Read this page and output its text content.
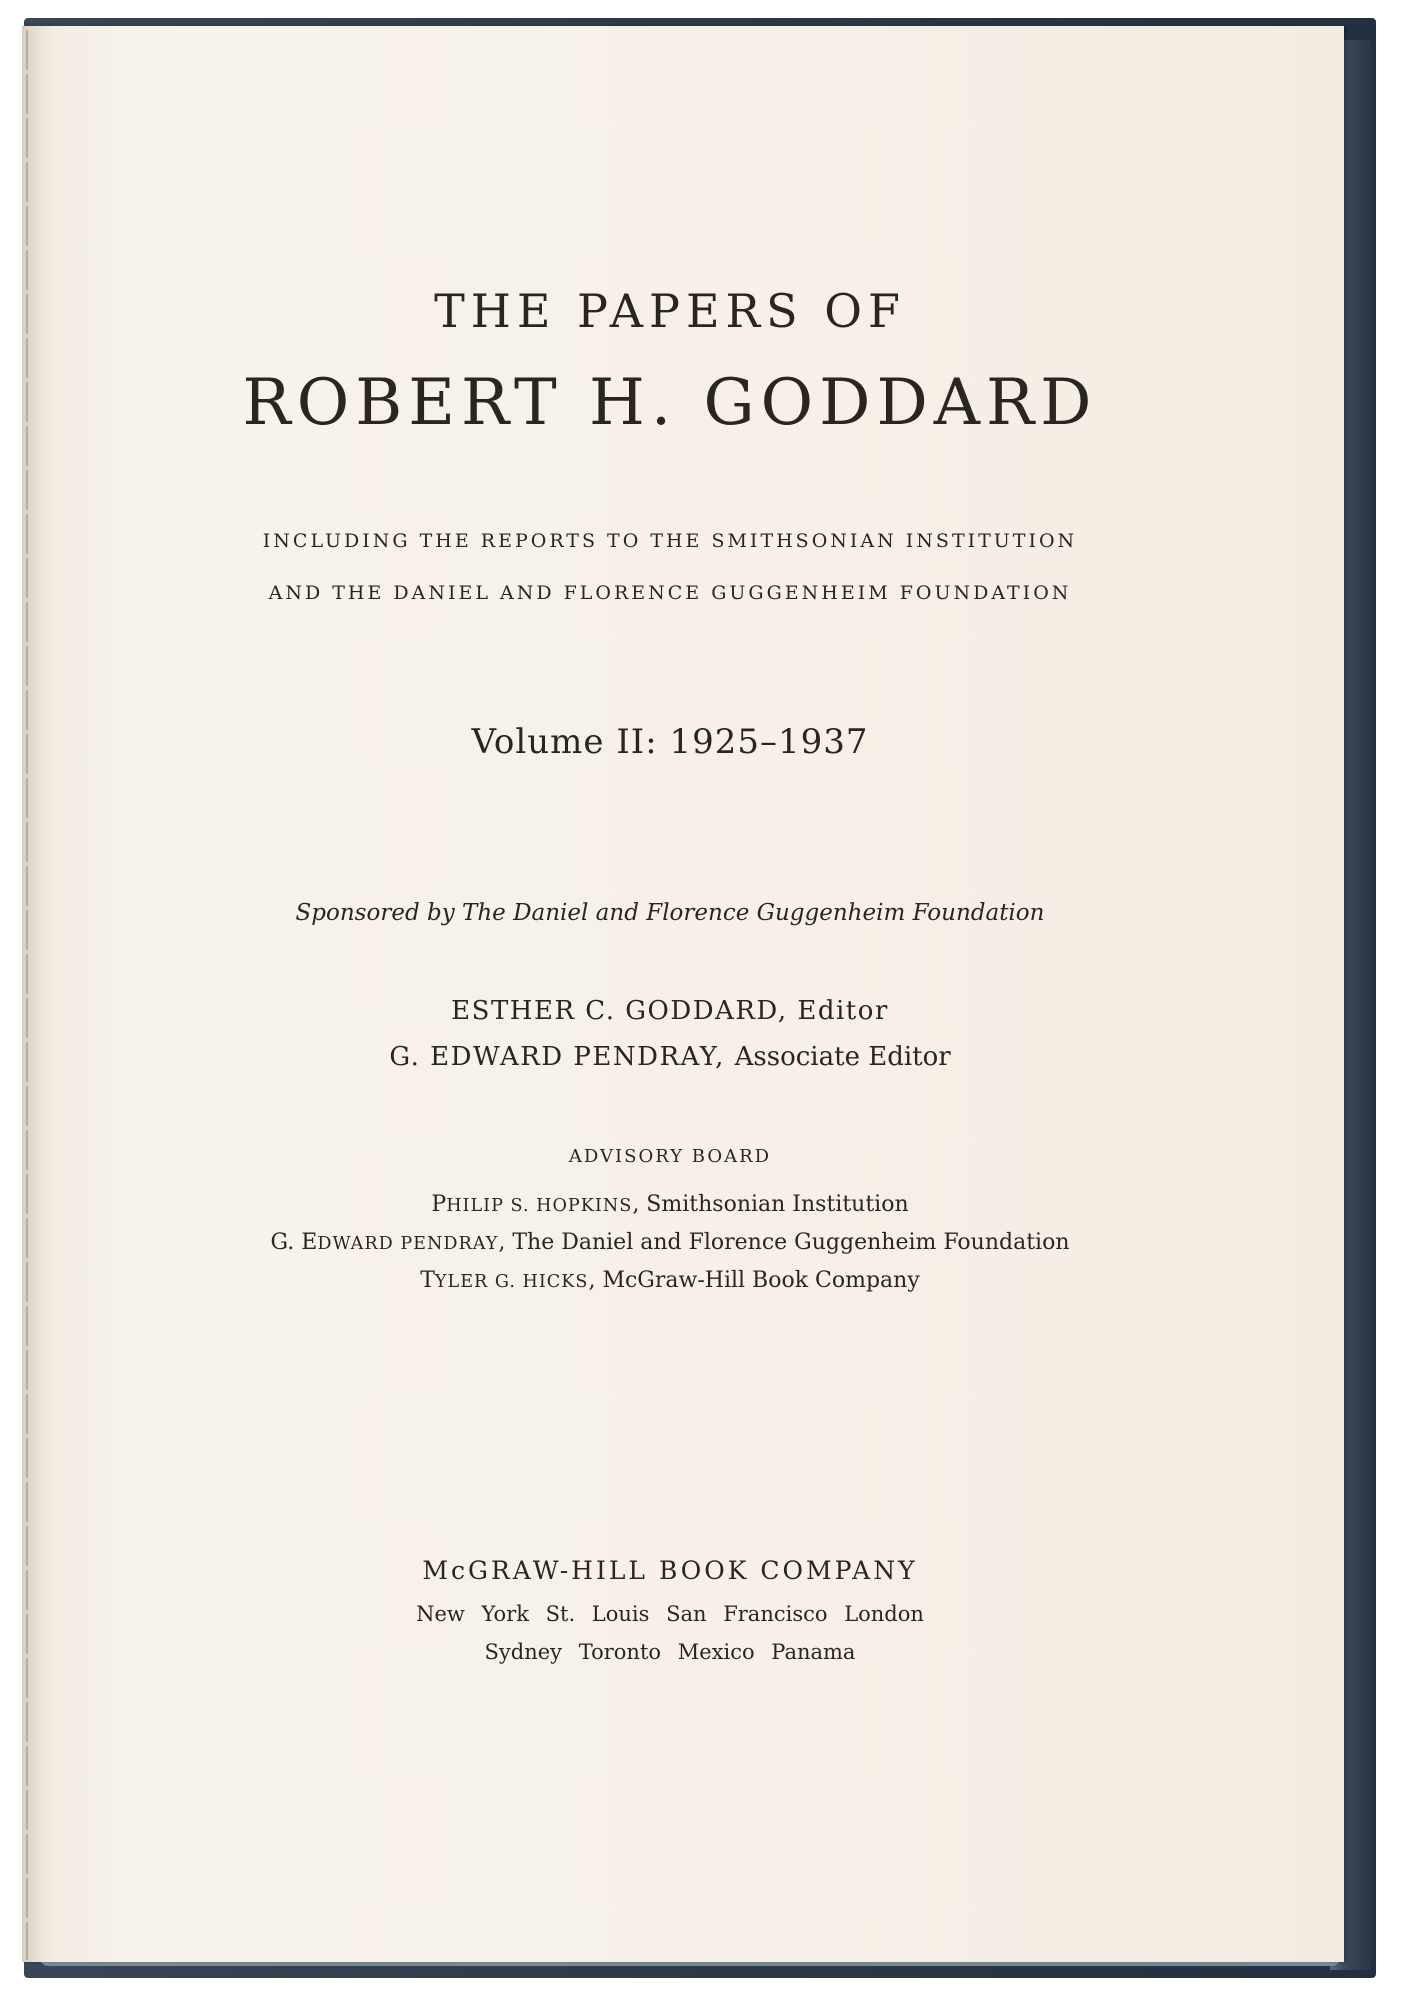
THE PAPERS OF
ROBERT H. GODDARD
INCLUDING THE REPORTS TO THE SMITHSONIAN INSTITUTION
AND THE DANIEL AND FLORENCE GUGGENHEIM FOUNDATION
Volume II: 1925–1937
Sponsored by The Daniel and Florence Guggenheim Foundation
ESTHER C. GODDARD, Editor
G. EDWARD PENDRAY, Associate Editor
ADVISORY BOARD
PHILIP S. HOPKINS, Smithsonian Institution
G. EDWARD PENDRAY, The Daniel and Florence Guggenheim Foundation
TYLER G. HICKS, McGraw-Hill Book Company
McGRAW-HILL BOOK COMPANY
New York St. Louis San Francisco London
Sydney Toronto Mexico Panama
